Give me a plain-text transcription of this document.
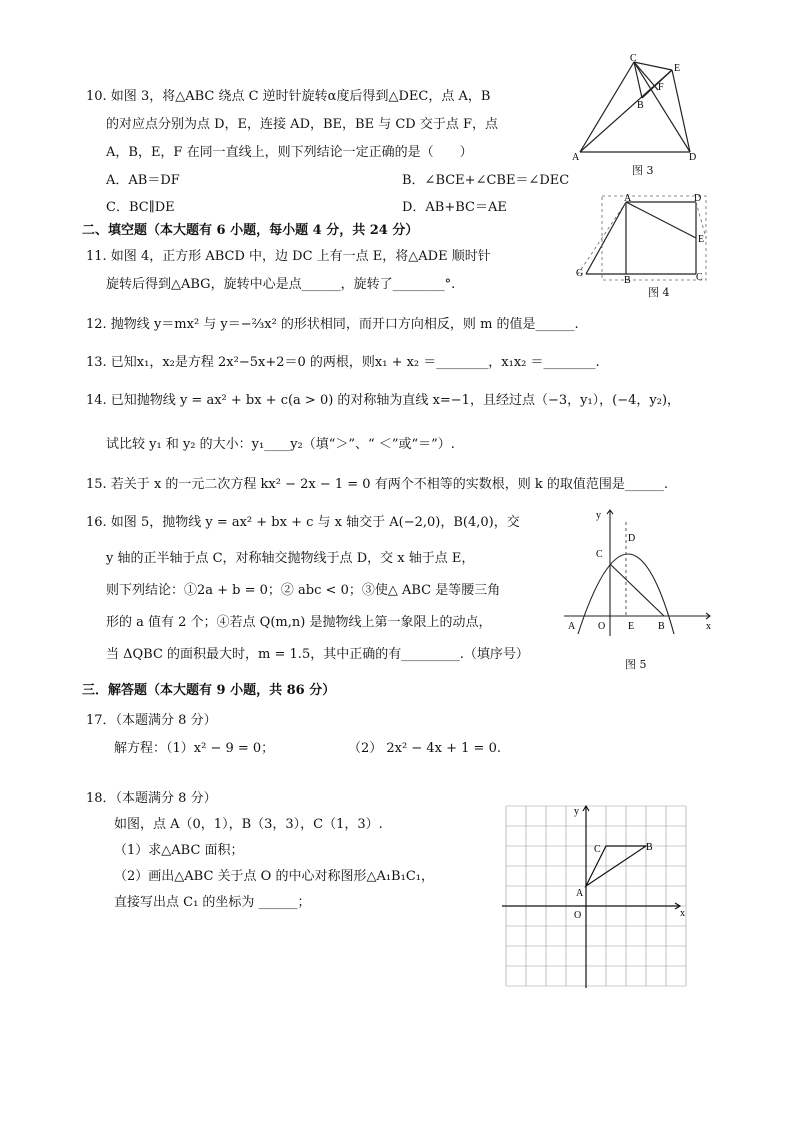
10. 如图 3，将△ABC 绕点 C 逆时针旋转α度后得到△DEC，点 A，B
的对应点分别为点 D，E，连接 AD，BE，BE 与 CD 交于点 F，点
A，B，E，F 在同一直线上，则下列结论一定正确的是（　　）
A．AB＝DF	B．∠BCE+∠CBE＝∠DEC
C．BC∥DE	D．AB+BC＝AE
C
E
F
B
A	D
图 3
二、填空题（本大题有 6 小题，每小题 4 分，共 24 分）
11. 如图 4，正方形 ABCD 中，边 DC 上有一点 E，将△ADE 顺时针
旋转后得到△ABG，旋转中心是点______，旋转了________°.
A	D
E
G
B	C
图 4
12. 抛物线 y＝mx² 与 y＝−⅔x² 的形状相同，而开口方向相反，则 m 的值是______.
13. 已知x₁，x₂是方程 2x²−5x+2＝0 的两根，则x₁ + x₂ ＝________，x₁x₂ ＝________.
14. 已知抛物线 y = ax² + bx + c(a > 0) 的对称轴为直线 x=−1，且经过点（−3，y₁），(−4，y₂)，
试比较 y₁ 和 y₂ 的大小：y₁____y₂（填“＞”、“ ＜”或“＝”）.
15. 若关于 x 的一元二次方程 kx² − 2x − 1 = 0 有两个不相等的实数根，则 k 的取值范围是______.
16. 如图 5，抛物线 y = ax² + bx + c 与 x 轴交于 A(−2,0)，B(4,0)，交
y 轴的正半轴于点 C，对称轴交抛物线于点 D，交 x 轴于点 E，
则下列结论：①2a + b = 0；② abc < 0；③使△ ABC 是等腰三角
形的 a 值有 2 个；④若点 Q(m,n) 是抛物线上第一象限上的动点，
当 ΔQBC 的面积最大时，m = 1.5，其中正确的有_________.（填序号）
y
D
C
A O E B	x
图 5
三．解答题（本大题有 9 小题，共 86 分）
17．（本题满分 8 分）
解方程：（1）x² − 9 = 0；	（2） 2x² − 4x + 1 = 0.
18．（本题满分 8 分）
如图，点 A（0，1），B（3，3），C（1，3）.
（1）求△ABC 面积；
（2）画出△ABC 关于点 O 的中心对称图形△A₁B₁C₁，
直接写出点 C₁ 的坐标为 ______；
y
C	B
A
O	x
